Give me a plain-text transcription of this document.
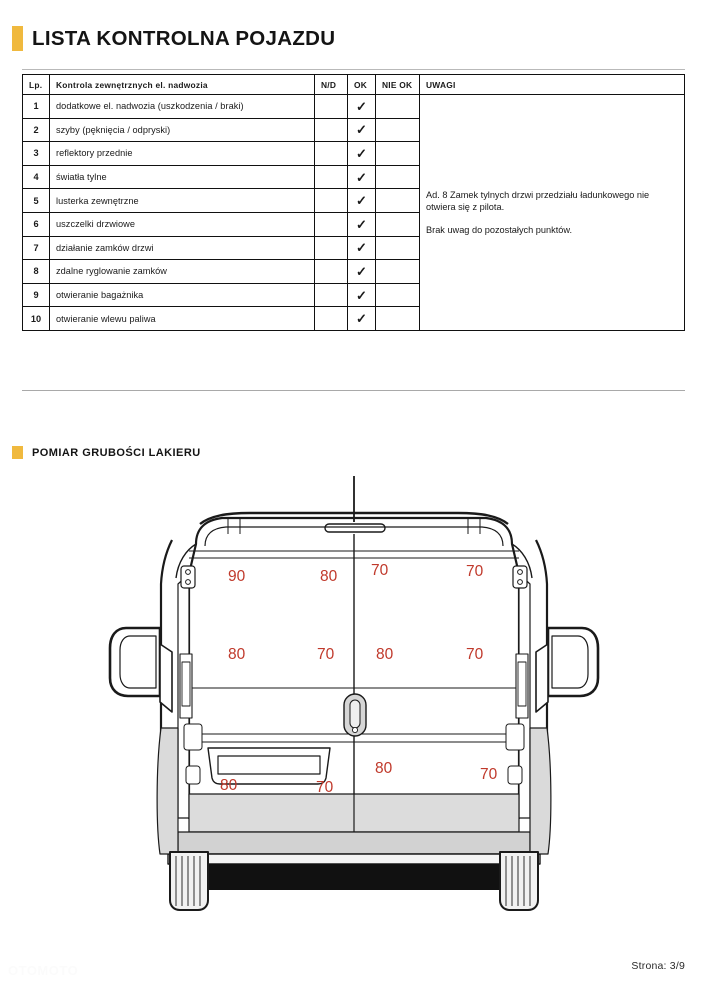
LISTA KONTROLNA POJAZDU
Lp.	Kontrola zewnętrznych el. nadwozia	N/D	OK	NIE OK	UWAGI
1	dodatkowe el. nadwozia (uszkodzenia / braki)		✓		Ad. 8 Zamek tylnych drzwi przedziału ładunkowego nie otwiera się z pilota.

Brak uwag do pozostałych punktów.

2	szyby (pęknięcia / odpryski)		✓		
3	reflektory przednie		✓		
4	światła tylne		✓		
5	lusterka zewnętrzne		✓		
6	uszczelki drzwiowe		✓		
7	działanie zamków drzwi		✓		
8	zdalne ryglowanie zamków		✓		
9	otwieranie bagażnika		✓		
10	otwieranie wlewu paliwa		✓		
POMIAR GRUBOŚCI LAKIERU
90	80 70	70
80	70	80	70
80	70
80	70
OTOMOTO	Strona: 3/9
